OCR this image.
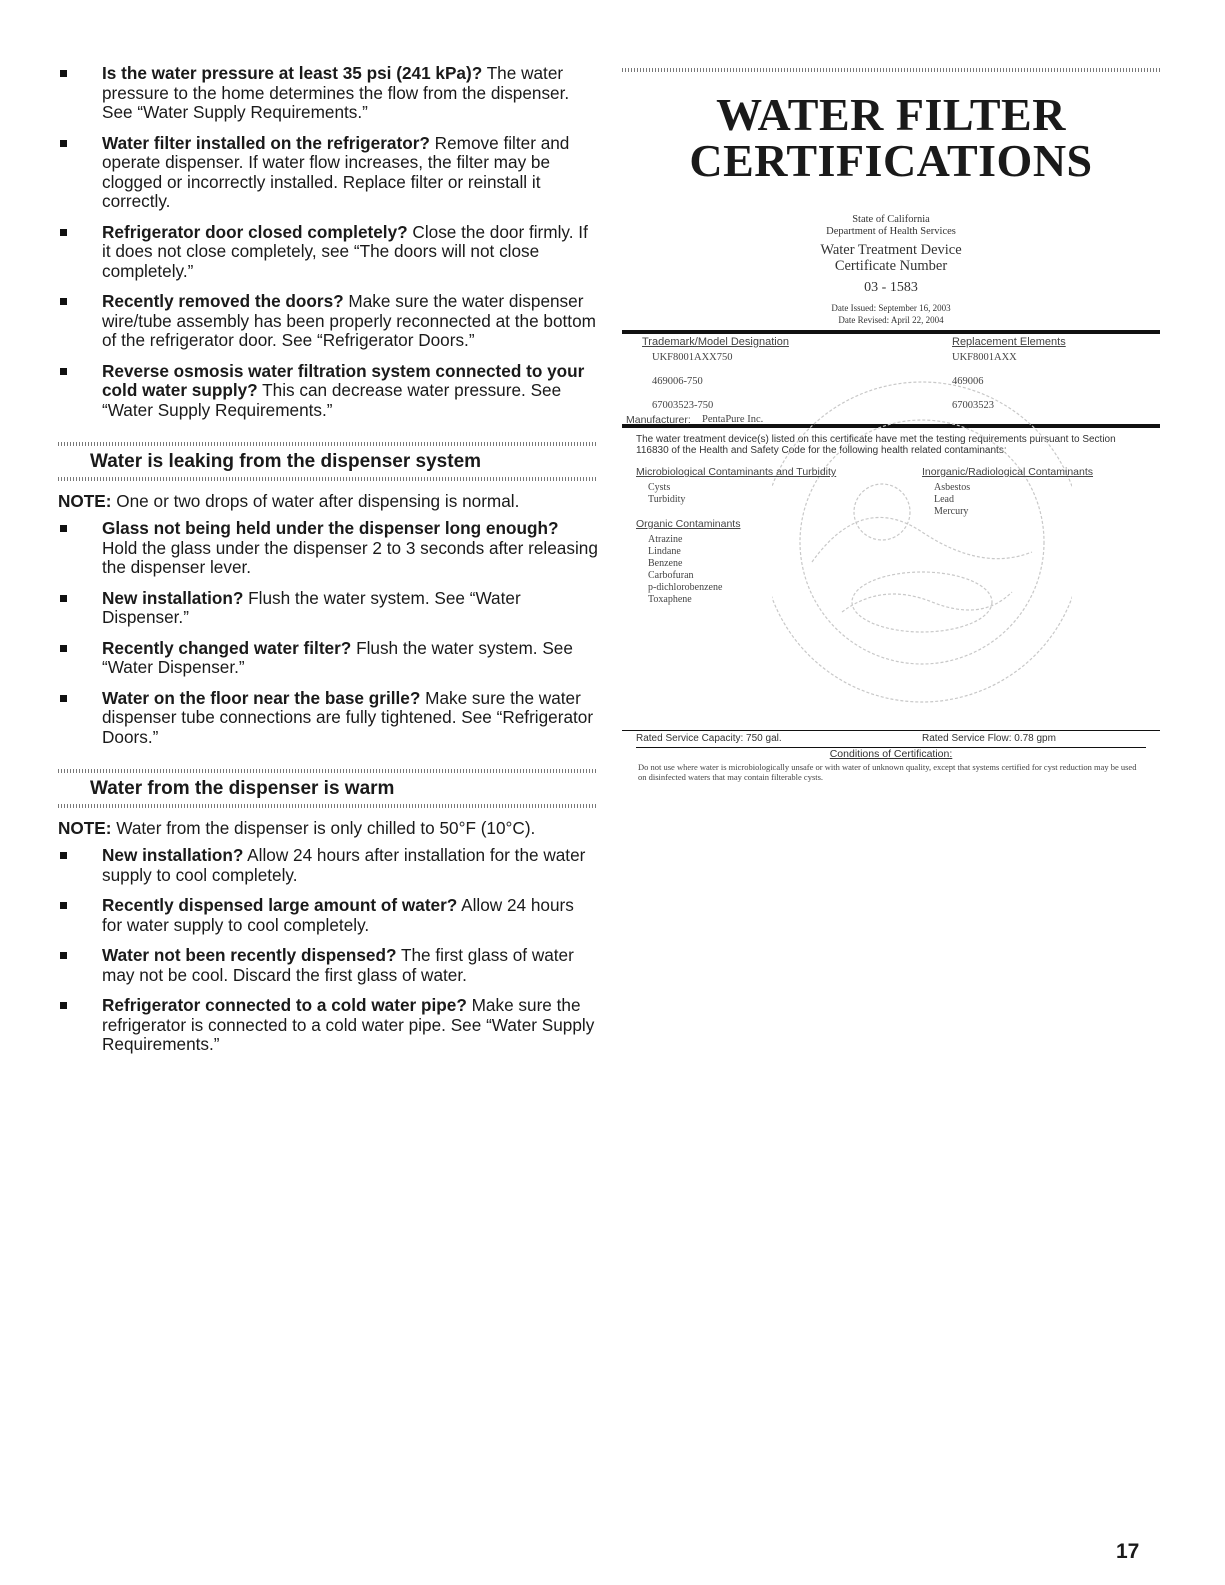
Is the water pressure at least 35 psi (241 kPa)? The water pressure to the home determines the flow from the dispenser. See “Water Supply Requirements.”
Water filter installed on the refrigerator? Remove filter and operate dispenser. If water flow increases, the filter may be clogged or incorrectly installed. Replace filter or reinstall it correctly.
Refrigerator door closed completely? Close the door firmly. If it does not close completely, see “The doors will not close completely.”
Recently removed the doors? Make sure the water dispenser wire/tube assembly has been properly reconnected at the bottom of the refrigerator door. See “Refrigerator Doors.”
Reverse osmosis water filtration system connected to your cold water supply? This can decrease water pressure. See “Water Supply Requirements.”
Water is leaking from the dispenser system

NOTE: One or two drops of water after dispensing is normal.

Glass not being held under the dispenser long enough? Hold the glass under the dispenser 2 to 3 seconds after releasing the dispenser lever.
New installation? Flush the water system. See “Water Dispenser.”
Recently changed water filter? Flush the water system. See “Water Dispenser.”
Water on the floor near the base grille? Make sure the water dispenser tube connections are fully tightened. See “Refrigerator Doors.”
Water from the dispenser is warm

NOTE: Water from the dispenser is only chilled to 50°F (10°C).

New installation? Allow 24 hours after installation for the water supply to cool completely.
Recently dispensed large amount of water? Allow 24 hours for water supply to cool completely.
Water not been recently dispensed? The first glass of water may not be cool. Discard the first glass of water.
Refrigerator connected to a cold water pipe? Make sure the refrigerator is connected to a cold water pipe. See “Water Supply Requirements.”
WATER FILTER
CERTIFICATIONS
State of California
Department of Health Services
Water Treatment Device
Certificate Number
03 - 1583
Date Issued: September 16, 2003
Date Revised: April 22, 2004
Trademark/Model Designation	Replacement Elements
UKF8001AXX750
469006-750
67003523-750
UKF8001AXX
469006
67003523
Manufacturer: PentaPure Inc.
The water treatment device(s) listed on this certificate have met the testing requirements pursuant to Section 116830 of the Health and Safety Code for the following health related contaminants:
Microbiological Contaminants and Turbidity
Cysts
Turbidity
Inorganic/Radiological Contaminants
Asbestos
Lead
Mercury
Organic Contaminants
Atrazine
Lindane
Benzene
Carbofuran
p-dichlorobenzene
Toxaphene
Rated Service Capacity: 750 gal.	Rated Service Flow: 0.78 gpm
Conditions of Certification:
Do not use where water is microbiologically unsafe or with water of unknown quality, except that systems certified for cyst reduction may be used on disinfected waters that may contain filterable cysts.
17
